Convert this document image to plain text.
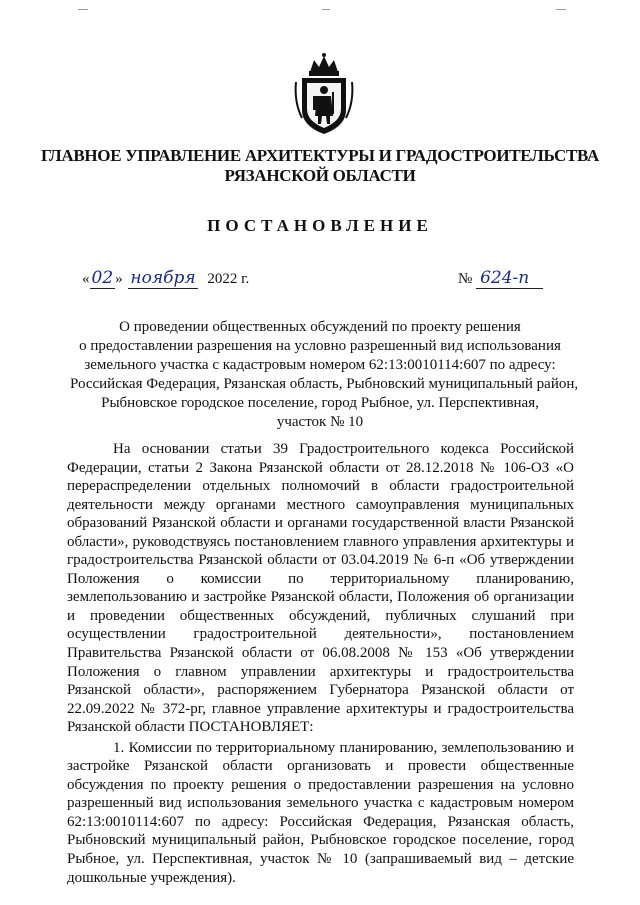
ГЛАВНОЕ УПРАВЛЕНИЕ АРХИТЕКТУРЫ И ГРАДОСТРОИТЕЛЬСТВА
РЯЗАНСКОЙ ОБЛАСТИ
ПОСТАНОВЛЕНИЕ
« 02 » ноября 2022 г.	№ 624-п
О проведении общественных обсуждений по проекту решения
о предоставлении разрешения на условно разрешенный вид использования
земельного участка с кадастровым номером 62:13:0010114:607 по адресу:
Российская Федерация, Рязанская область, Рыбновский муниципальный район,
Рыбновское городское поселение, город Рыбное, ул. Перспективная,
участок № 10

На основании статьи 39 Градостроительного кодекса Российской Федерации, статьи 2 Закона Рязанской области от 28.12.2018 № 106-ОЗ «О перераспределении отдельных полномочий в области градостроительной деятельности между органами местного самоуправления муниципальных образований Рязанской области и органами государственной власти Рязанской области», руководствуясь постановлением главного управления архитектуры и градостроительства Рязанской области от 03.04.2019 № 6-п «Об утверждении Положения о комиссии по территориальному планированию, землепользованию и застройке Рязанской области, Положения об организации и проведении общественных обсуждений, публичных слушаний при осуществлении градостроительной деятельности», постановлением Правительства Рязанской области от 06.08.2008 № 153 «Об утверждении Положения о главном управлении архитектуры и градостроительства Рязанской области», распоряжением Губернатора Рязанской области от 22.09.2022 № 372-рг, главное управление архитектуры и градостроительства Рязанской области ПОСТАНОВЛЯЕТ:

1. Комиссии по территориальному планированию, землепользованию и застройке Рязанской области организовать и провести общественные обсуждения по проекту решения о предоставлении разрешения на условно разрешенный вид использования земельного участка с кадастровым номером 62:13:0010114:607 по адресу: Российская Федерация, Рязанская область, Рыбновский муниципальный район, Рыбновское городское поселение, город Рыбное, ул. Перспективная, участок № 10 (запрашиваемый вид – детские дошкольные учреждения).
